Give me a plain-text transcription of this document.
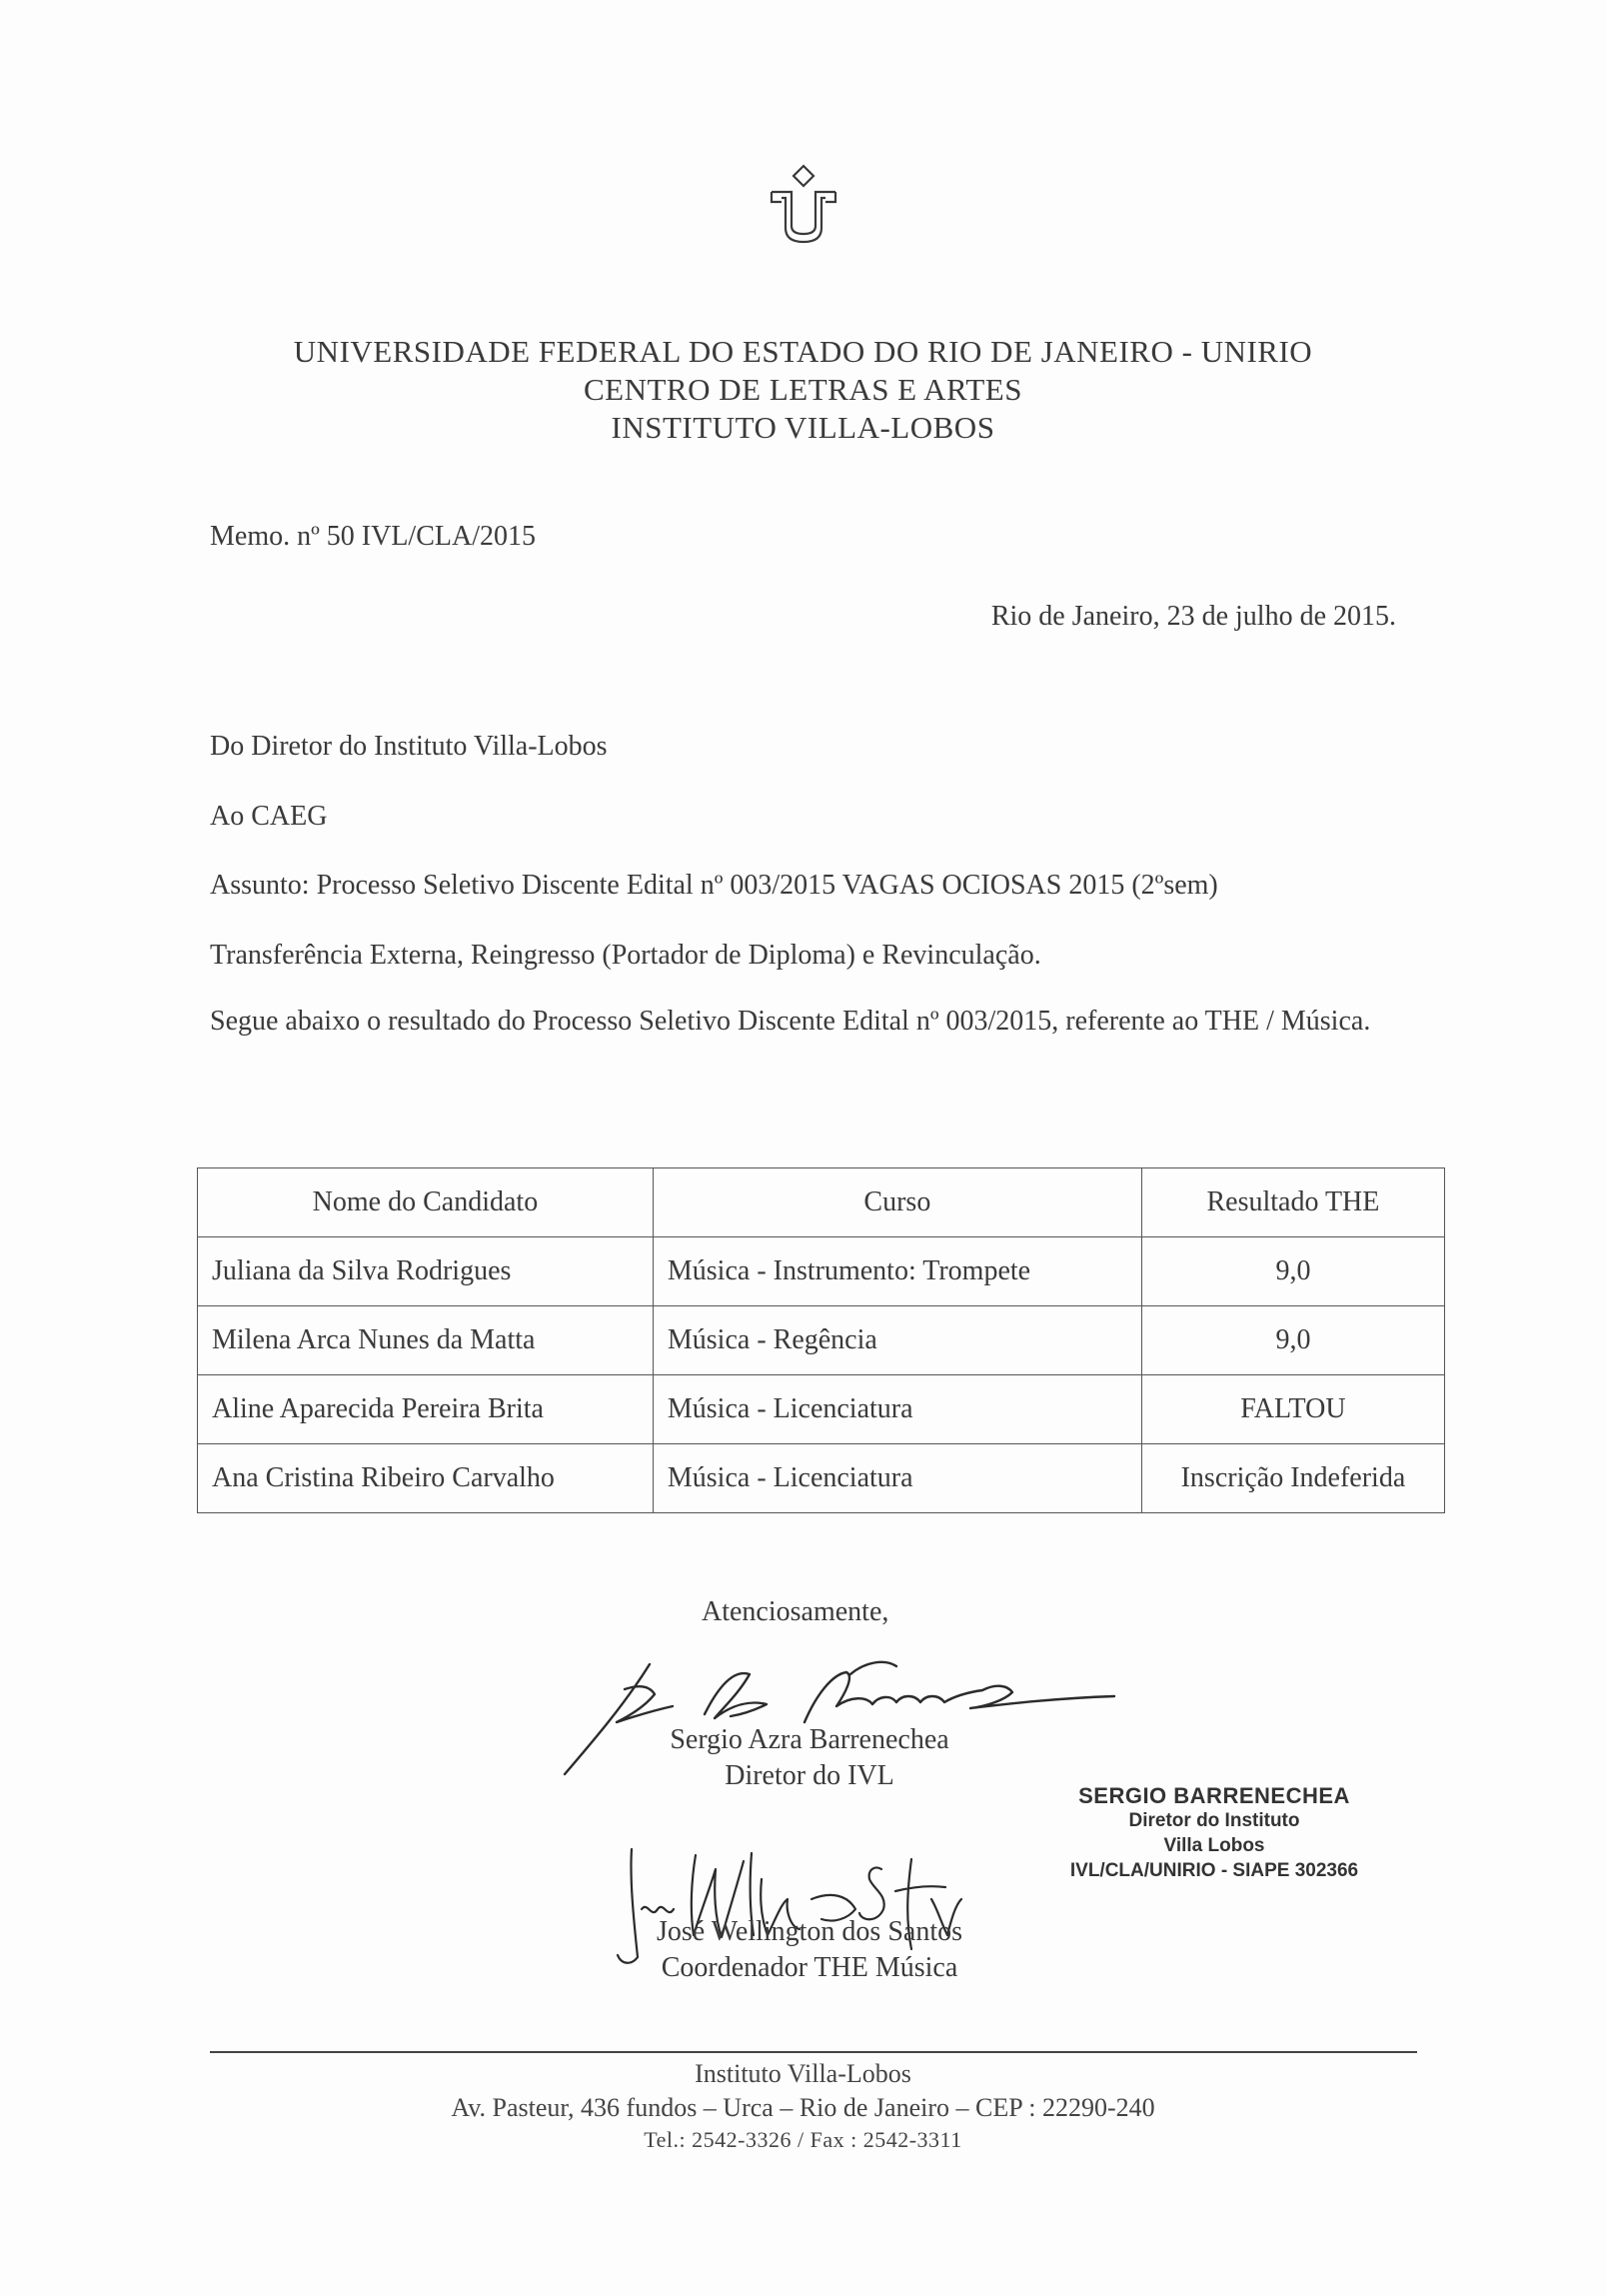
UNIVERSIDADE FEDERAL DO ESTADO DO RIO DE JANEIRO - UNIRIO
CENTRO DE LETRAS E ARTES
INSTITUTO VILLA-LOBOS
Memo. nº 50 IVL/CLA/2015
Rio de Janeiro, 23 de julho de 2015.
Do Diretor do Instituto Villa-Lobos
Ao CAEG
Assunto: Processo Seletivo Discente Edital nº 003/2015 VAGAS OCIOSAS 2015 (2ºsem)
Transferência Externa, Reingresso (Portador de Diploma) e Revinculação.
Segue abaixo o resultado do Processo Seletivo Discente Edital nº 003/2015, referente ao THE / Música.
Nome do Candidato	Curso	Resultado THE
Juliana da Silva Rodrigues	Música - Instrumento: Trompete	9,0
Milena Arca Nunes da Matta	Música - Regência	9,0
Aline Aparecida Pereira Brita	Música - Licenciatura	FALTOU
Ana Cristina Ribeiro Carvalho	Música - Licenciatura	Inscrição Indeferida
Atenciosamente,
Sergio Azra Barrenechea
Diretor do IVL
SERGIO BARRENECHEA
Diretor do Instituto
Villa Lobos
IVL/CLA/UNIRIO - SIAPE 302366
José Wellington dos Santos
Coordenador THE Música
Instituto Villa-Lobos
Av. Pasteur, 436 fundos – Urca – Rio de Janeiro – CEP : 22290-240
Tel.: 2542-3326 / Fax : 2542-3311
